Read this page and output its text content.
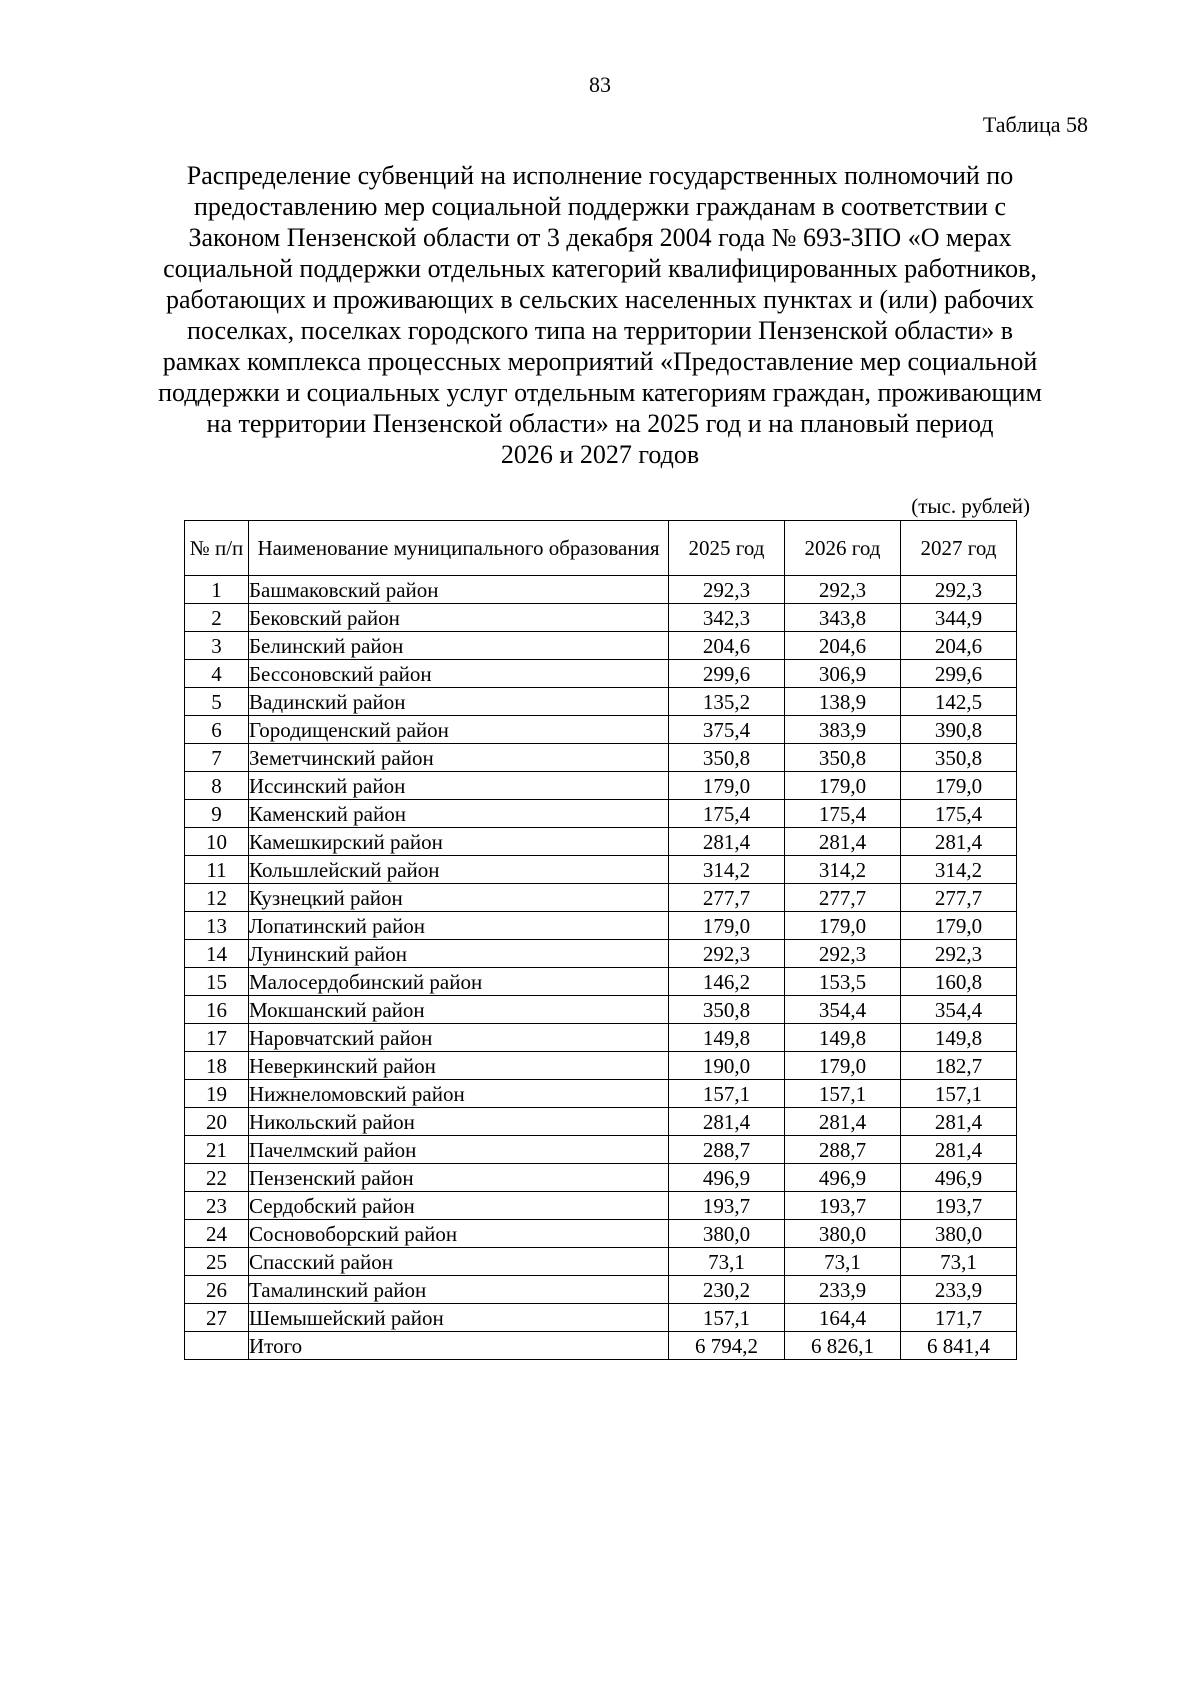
83
Таблица 58
Распределение субвенций на исполнение государственных полномочий по
предоставлению мер социальной поддержки гражданам в соответствии с
Законом Пензенской области от 3 декабря 2004 года № 693-ЗПО «О мерах
социальной поддержки отдельных категорий квалифицированных работников,
работающих и проживающих в сельских населенных пунктах и (или) рабочих
поселках, поселках городского типа на территории Пензенской области» в
рамках комплекса процессных мероприятий «Предоставление мер социальной
поддержки и социальных услуг отдельным категориям граждан, проживающим
на территории Пензенской области» на 2025 год и на плановый период
2026 и 2027 годов
(тыс. рублей)
№ п/п	Наименование муниципального образования	2025 год	2026 год	2027 год
1	Башмаковский район	292,3	292,3	292,3
2	Бековский район	342,3	343,8	344,9
3	Белинский район	204,6	204,6	204,6
4	Бессоновский район	299,6	306,9	299,6
5	Вадинский район	135,2	138,9	142,5
6	Городищенский район	375,4	383,9	390,8
7	Земетчинский район	350,8	350,8	350,8
8	Иссинский район	179,0	179,0	179,0
9	Каменский район	175,4	175,4	175,4
10	Камешкирский район	281,4	281,4	281,4
11	Кольшлейский район	314,2	314,2	314,2
12	Кузнецкий район	277,7	277,7	277,7
13	Лопатинский район	179,0	179,0	179,0
14	Лунинский район	292,3	292,3	292,3
15	Малосердобинский район	146,2	153,5	160,8
16	Мокшанский район	350,8	354,4	354,4
17	Наровчатский район	149,8	149,8	149,8
18	Неверкинский район	190,0	179,0	182,7
19	Нижнеломовский район	157,1	157,1	157,1
20	Никольский район	281,4	281,4	281,4
21	Пачелмский район	288,7	288,7	281,4
22	Пензенский район	496,9	496,9	496,9
23	Сердобский район	193,7	193,7	193,7
24	Сосновоборский район	380,0	380,0	380,0
25	Спасский район	73,1	73,1	73,1
26	Тамалинский район	230,2	233,9	233,9
27	Шемышейский район	157,1	164,4	171,7
	Итого	6 794,2	6 826,1	6 841,4
